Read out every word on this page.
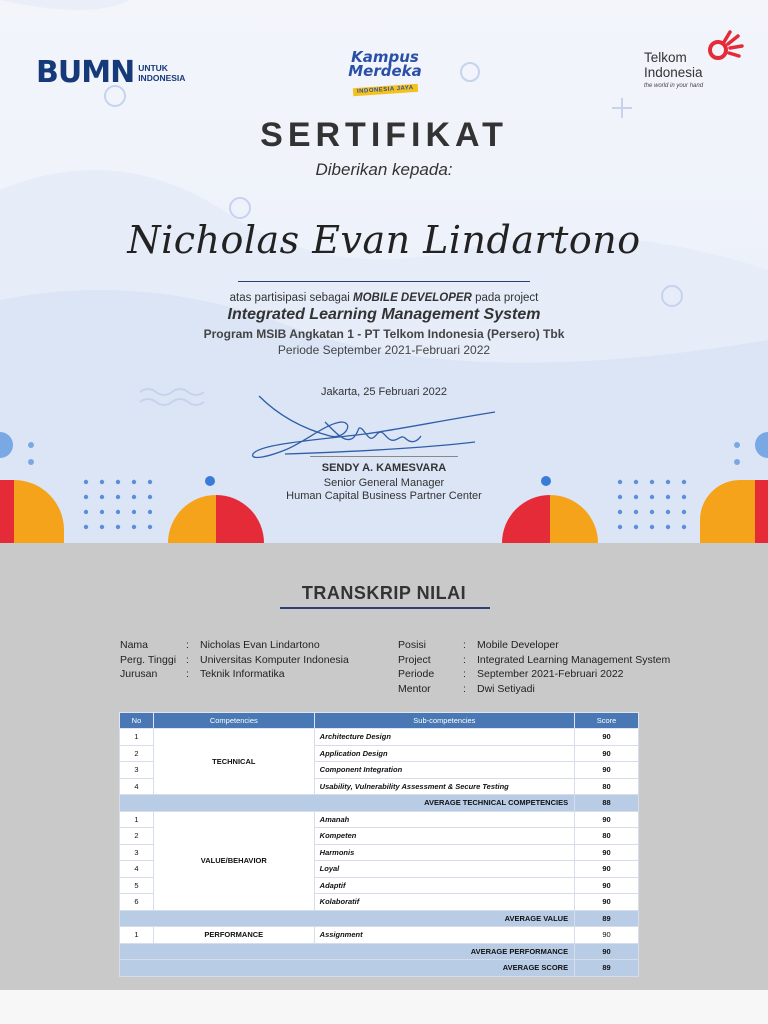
BUMN UNTUK
INDONESIA
Kampus
Merdeka
INDONESIA JAYA
Telkom
Indonesia
the world in your hand
SERTIFIKAT
Diberikan kepada:
Nicholas Evan Lindartono
atas partisipasi sebagai MOBILE DEVELOPER pada project
Integrated Learning Management System
Program MSIB Angkatan 1 - PT Telkom Indonesia (Persero) Tbk
Periode September 2021-Februari 2022
Jakarta, 25 Februari 2022
SENDY A. KAMESVARA
Senior General Manager
Human Capital Business Partner Center
TRANSKRIP NILAI
Nama	:	Nicholas Evan Lindartono
Perg. Tinggi :	Universitas Komputer Indonesia
Jurusan	:	Teknik Informatika
Posisi	:	Mobile Developer
Project	:	Integrated Learning Management System
Periode	:	September 2021-Februari 2022
Mentor	:	Dwi Setiyadi
No	Competencies	Sub-competencies	Score
1	TECHNICAL	Architecture Design	90
2		Application Design	90
3		Component Integration	90
4		Usability, Vulnerability Assessment & Secure Testing	80
AVERAGE TECHNICAL COMPETENCIES			88
1	VALUE/BEHAVIOR	Amanah	90
2		Kompeten	80
3		Harmonis	90
4		Loyal	90
5		Adaptif	90
6		Kolaboratif	90
AVERAGE VALUE			89
1	PERFORMANCE	Assignment	90
AVERAGE PERFORMANCE			90
AVERAGE SCORE			89
